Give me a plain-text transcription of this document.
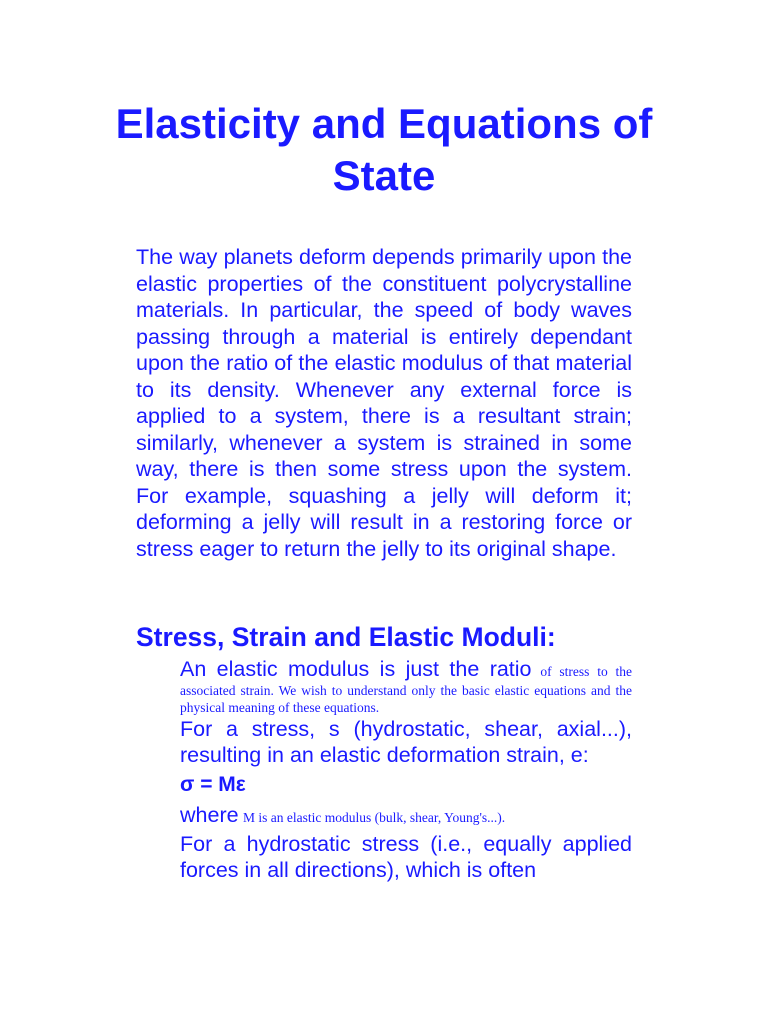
Elasticity and Equations of State

The way planets deform depends primarily upon the elastic properties of the constituent polycrystalline materials. In particular, the speed of body waves passing through a material is entirely dependant upon the ratio of the elastic modulus of that material to its density. Whenever any external force is applied to a system, there is a resultant strain; similarly, whenever a system is strained in some way, there is then some stress upon the system. For example, squashing a jelly will deform it; deforming a jelly will result in a restoring force or stress eager to return the jelly to its original shape.

Stress, Strain and Elastic Moduli:

An elastic modulus is just the ratio of stress to the associated strain. We wish to understand only the basic elastic equations and the physical meaning of these equations.

For a stress, s (hydrostatic, shear, axial...), resulting in an elastic deformation strain, e:

σ = Mε

where M is an elastic modulus (bulk, shear, Young's...).

For a hydrostatic stress (i.e., equally applied forces in all directions), which is often
